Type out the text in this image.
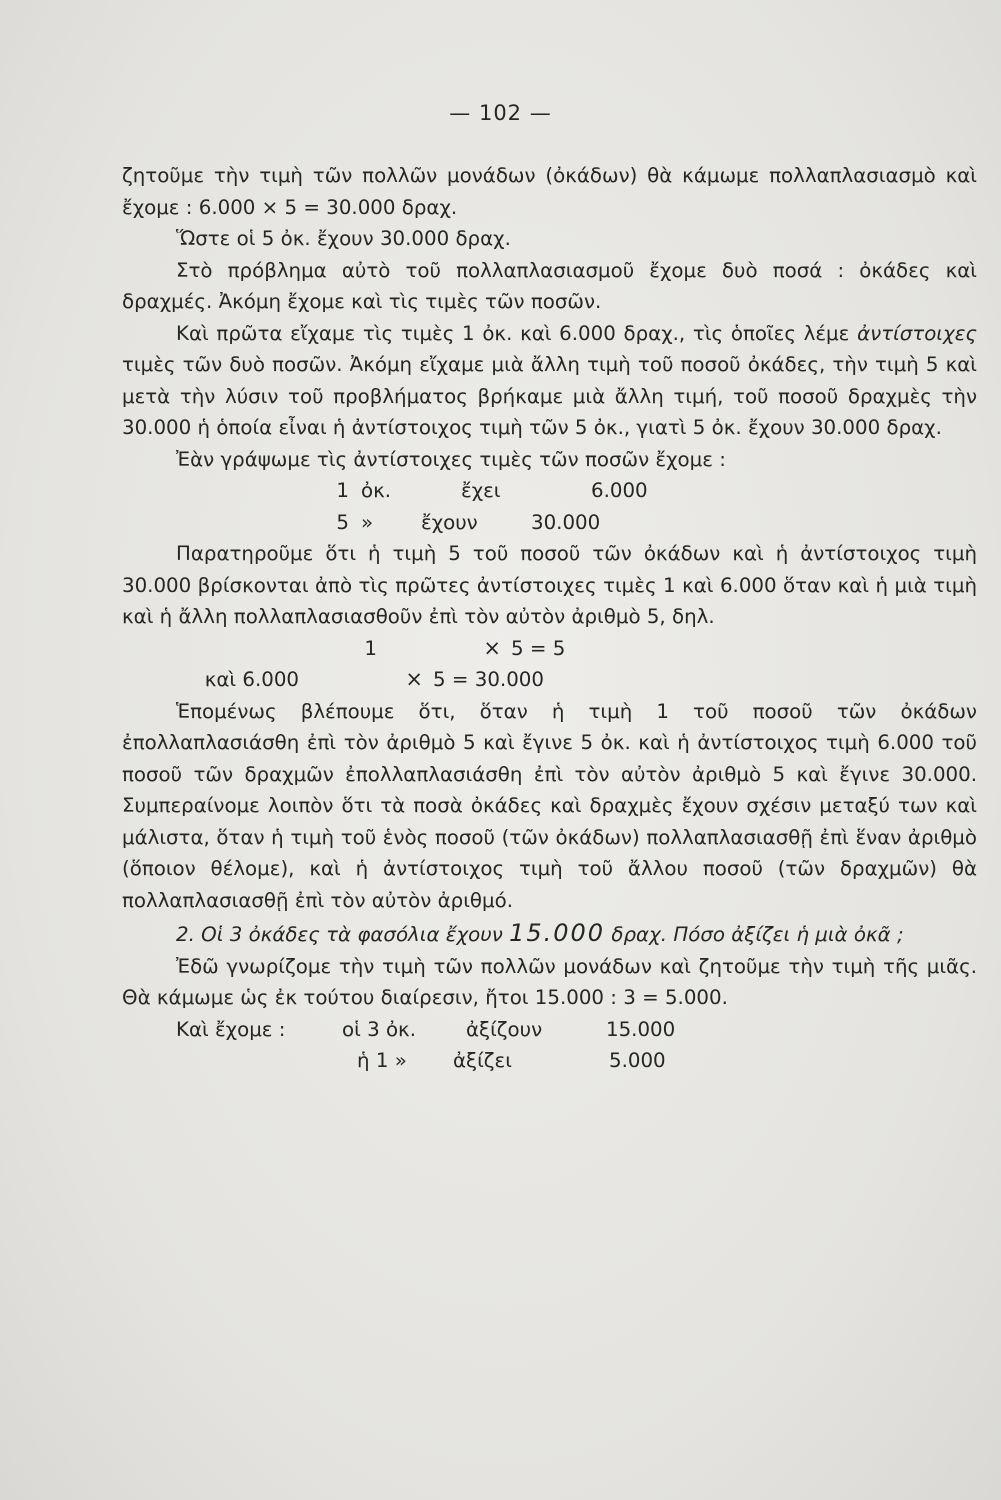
— 102 —

ζητοῦμε τὴν τιμὴ τῶν πολλῶν μονάδων (ὀκάδων) θὰ κάμωμε πολλαπλασιασμὸ καὶ ἔχομε : 6.000 × 5 = 30.000 δραχ.

Ὥστε οἱ 5 ὀκ. ἔχουν 30.000 δραχ.

Στὸ πρόβλημα αὐτὸ τοῦ πολλαπλασιασμοῦ ἔχομε δυὸ ποσά : ὀκάδες καὶ δραχμές. Ἀκόμη ἔχομε καὶ τὶς τιμὲς τῶν ποσῶν.

Καὶ πρῶτα εἴχαμε τὶς τιμὲς 1 ὀκ. καὶ 6.000 δραχ., τὶς ὁποῖες λέμε ἀντίστοιχες τιμὲς τῶν δυὸ ποσῶν. Ἀκόμη εἴχαμε μιὰ ἄλλη τιμὴ τοῦ ποσοῦ ὀκάδες, τὴν τιμὴ 5 καὶ μετὰ τὴν λύσιν τοῦ προβλήματος βρήκαμε μιὰ ἄλλη τιμή, τοῦ ποσοῦ δραχμὲς τὴν 30.000 ἡ ὁποία εἶναι ἡ ἀντίστοιχος τιμὴ τῶν 5 ὀκ., γιατὶ 5 ὀκ. ἔχουν 30.000 δραχ.

Ἐὰν γράψωμε τὶς ἀντίστοιχες τιμὲς τῶν ποσῶν ἔχομε :

1 ὀκ.	ἔχει	6.000
5 »	ἔχουν	30.000

Παρατηροῦμε ὅτι ἡ τιμὴ 5 τοῦ ποσοῦ τῶν ὀκάδων καὶ ἡ ἀντίστοιχος τιμὴ 30.000 βρίσκονται ἀπὸ τὶς πρῶτες ἀντίστοιχες τιμὲς 1 καὶ 6.000 ὅταν καὶ ἡ μιὰ τιμὴ καὶ ἡ ἄλλη πολλαπλασιασθοῦν ἐπὶ τὸν αὐτὸν ἀριθμὸ 5, δηλ.

1	× 5 = 5
καὶ 6.000	× 5 = 30.000

Ἑπομένως βλέπουμε ὅτι, ὅταν ἡ τιμὴ 1 τοῦ ποσοῦ τῶν ὀκάδων ἐπολλαπλασιάσθη ἐπὶ τὸν ἀριθμὸ 5 καὶ ἔγινε 5 ὀκ. καὶ ἡ ἀντίστοιχος τιμὴ 6.000 τοῦ ποσοῦ τῶν δραχμῶν ἐπολλαπλασιάσθη ἐπὶ τὸν αὐτὸν ἀριθμὸ 5 καὶ ἔγινε 30.000. Συμπεραίνομε λοιπὸν ὅτι τὰ ποσὰ ὀκάδες καὶ δραχμὲς ἔχουν σχέσιν μεταξύ των καὶ μάλιστα, ὅταν ἡ τιμὴ τοῦ ἑνὸς ποσοῦ (τῶν ὀκάδων) πολλαπλασιασθῇ ἐπὶ ἕναν ἀριθμὸ (ὅποιον θέλομε), καὶ ἡ ἀντίστοιχος τιμὴ τοῦ ἄλλου ποσοῦ (τῶν δραχμῶν) θὰ πολλαπλασιασθῇ ἐπὶ τὸν αὐτὸν ἀριθμό.

2. Οἱ 3 ὀκάδες τὰ φασόλια ἔχουν 15.000 δραχ. Πόσο ἀξίζει ἡ μιὰ ὀκᾶ ;

Ἐδῶ γνωρίζομε τὴν τιμὴ τῶν πολλῶν μονάδων καὶ ζητοῦμε τὴν τιμὴ τῆς μιᾶς. Θὰ κάμωμε ὡς ἐκ τούτου διαίρεσιν, ἤτοι 15.000 : 3 = 5.000.

Καὶ ἔχομε :	οἱ 3 ὀκ.	ἀξίζουν	15.000
ἡ 1 »	ἀξίζει	5.000
